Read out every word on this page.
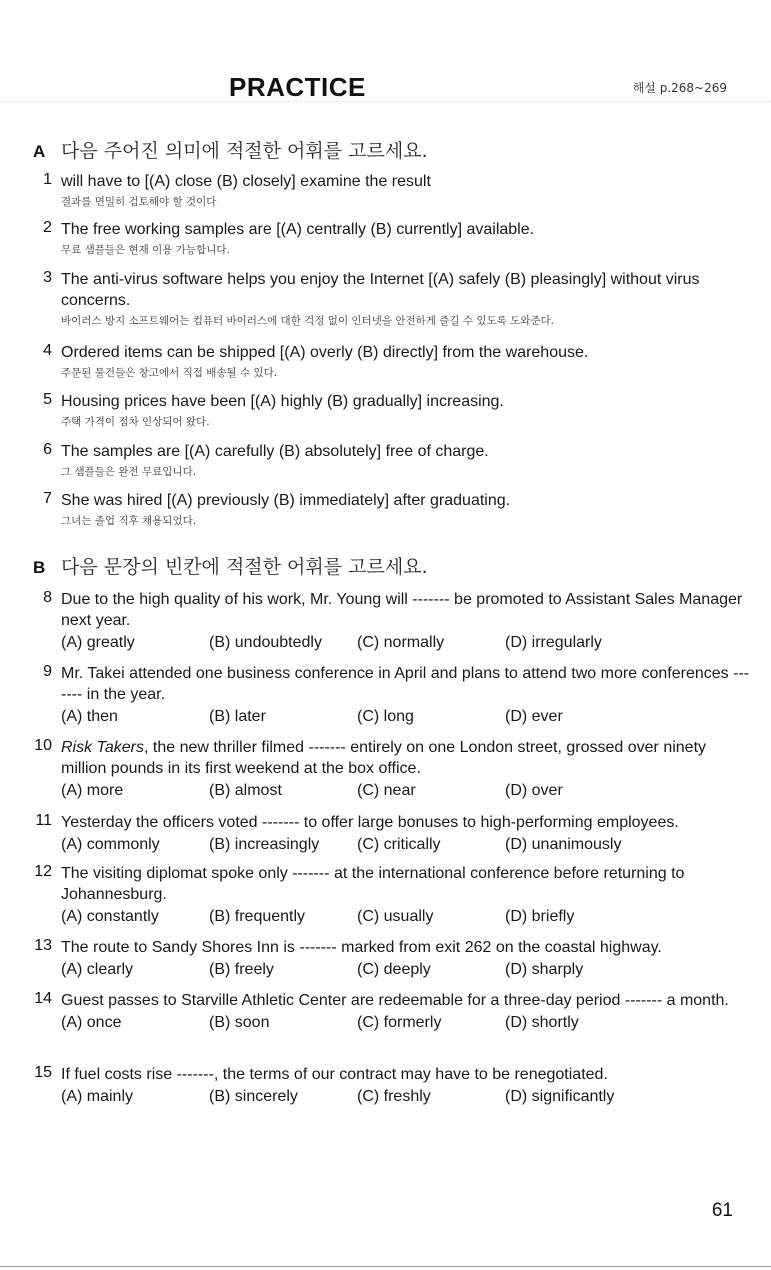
PRACTICE	해설 p.268~269
A 다음 주어진 의미에 적절한 어휘를 고르세요.
1 will have to [(A) close (B) closely] examine the result
결과를 면밀히 검토해야 할 것이다
2 The free working samples are [(A) centrally (B) currently] available.
무료 샘플들은 현재 이용 가능합니다.
3 The anti-virus software helps you enjoy the Internet [(A) safely (B) pleasingly] without virus concerns.
바이러스 방지 소프트웨어는 컴퓨터 바이러스에 대한 걱정 없이 인터넷을 안전하게 즐길 수 있도록 도와준다.
4 Ordered items can be shipped [(A) overly (B) directly] from the warehouse.
주문된 물건들은 창고에서 직접 배송될 수 있다.
5 Housing prices have been [(A) highly (B) gradually] increasing.
주택 가격이 점차 인상되어 왔다.
6 The samples are [(A) carefully (B) absolutely] free of charge.
그 샘플들은 완전 무료입니다.
7 She was hired [(A) previously (B) immediately] after graduating.
그녀는 졸업 직후 채용되었다.
B 다음 문장의 빈칸에 적절한 어휘를 고르세요.
8 Due to the high quality of his work, Mr. Young will ------- be promoted to Assistant Sales Manager next year.
(A) greatly	(B) undoubtedly	(C) normally	(D) irregularly
9 Mr. Takei attended one business conference in April and plans to attend two more conferences ------- in the year.
(A) then	(B) later	(C) long	(D) ever
10 Risk Takers, the new thriller filmed ------- entirely on one London street, grossed over ninety million pounds in its first weekend at the box office.
(A) more	(B) almost	(C) near	(D) over
11 Yesterday the officers voted ------- to offer large bonuses to high-performing employees.
(A) commonly	(B) increasingly	(C) critically	(D) unanimously
12 The visiting diplomat spoke only ------- at the international conference before returning to Johannesburg.
(A) constantly	(B) frequently	(C) usually	(D) briefly
13 The route to Sandy Shores Inn is ------- marked from exit 262 on the coastal highway.
(A) clearly	(B) freely	(C) deeply	(D) sharply
14 Guest passes to Starville Athletic Center are redeemable for a three-day period ------- a month.
(A) once	(B) soon	(C) formerly	(D) shortly
15 If fuel costs rise -------, the terms of our contract may have to be renegotiated.
(A) mainly	(B) sincerely	(C) freshly	(D) significantly
61
